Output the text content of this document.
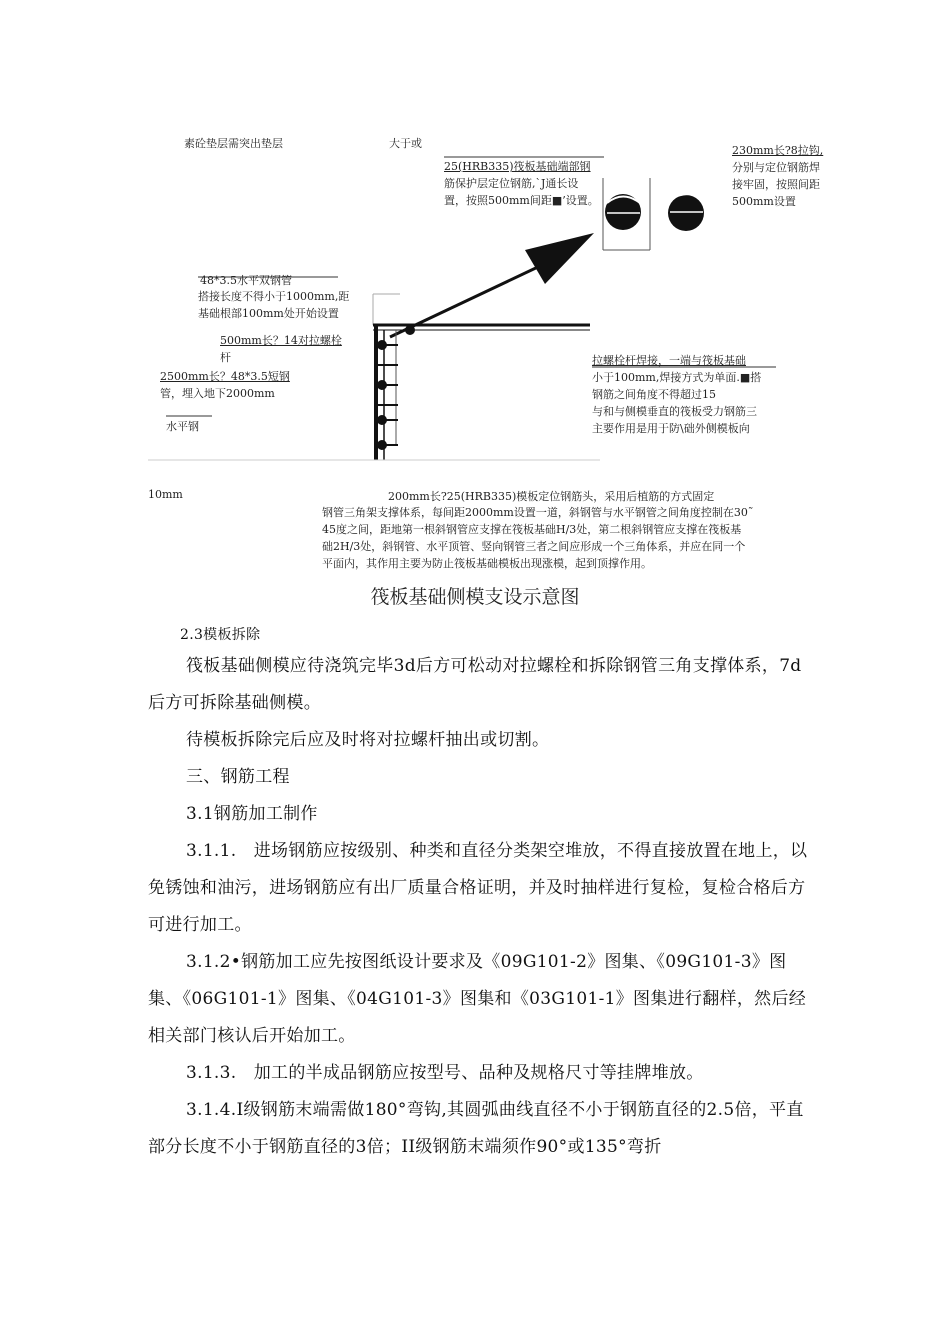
素砼垫层需突出垫层	大于或
25(HRB335)筏板基础端部钢
筋保护层定位钢筋,`J通长设
置，按照500mm间距■’设置。
230mm长?8拉钩,
分别与定位钢筋焊
接牢固，按照间距
500mm设置
48*3.5水平双钢管
搭接长度不得小于1000mm,距
基础根部100mm处开始设置
500mm长？14对拉螺栓
杆
2500mm长？48*3.5短钢
管，埋入地下2000mm
水平钢
拉螺栓杆焊接，一端与筏板基础
小于100mm,焊接方式为单面.■搭
钢筋之间角度不得超过15
与和与侧模垂直的筏板受力钢筋三
主要作用是用于防\础外侧模板向
10mm	200mm长?25(HRB335)模板定位钢筋头，采用后植筋的方式固定
钢管三角架支撑体系，每间距2000mm设置一道，斜钢管与水平钢管之间角度控制在30˜
45度之间，距地第一根斜钢管应支撑在筏板基础H/3处，第二根斜钢管应支撑在筏板基
础2H/3处，斜钢管、水平顶管、竖向钢管三者之间应形成一个三角体系，并应在同一个
平面内，其作用主要为防止筏板基础模板出现涨模，起到顶撑作用。
筏板基础侧模支设示意图

2.3模板拆除

筏板基础侧模应待浇筑完毕3d后方可松动对拉螺栓和拆除钢管三角支撑体系，7d后方可拆除基础侧模。

待模板拆除完后应及时将对拉螺杆抽出或切割。

三、钢筋工程

3.1钢筋加工制作

3.1.1.　进场钢筋应按级别、种类和直径分类架空堆放，不得直接放置在地上，以免锈蚀和油污，进场钢筋应有出厂质量合格证明，并及时抽样进行复检，复检合格后方可进行加工。

3.1.2•钢筋加工应先按图纸设计要求及《09G101-2》图集、《09G101-3》图集、《06G101-1》图集、《04G101-3》图集和《03G101-1》图集进行翻样，然后经相关部门核认后开始加工。

3.1.3.　加工的半成品钢筋应按型号、品种及规格尺寸等挂牌堆放。

3.1.4.I级钢筋末端需做180°弯钩,其圆弧曲线直径不小于钢筋直径的2.5倍，平直部分长度不小于钢筋直径的3倍；II级钢筋末端须作90°或135°弯折
